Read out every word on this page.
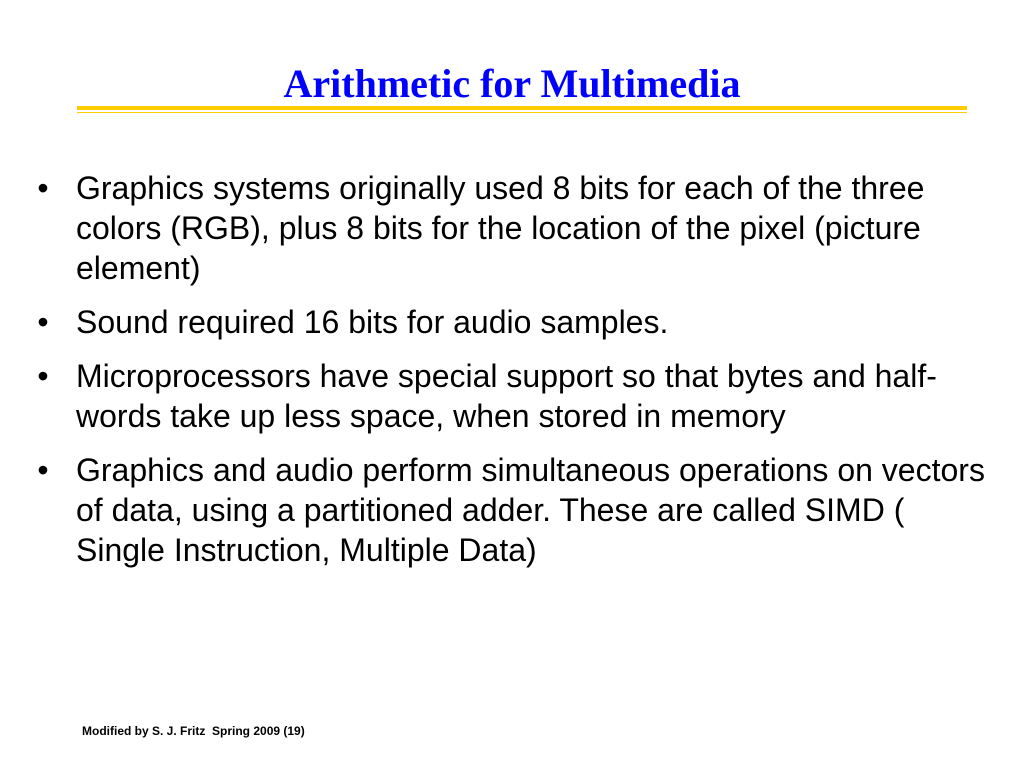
Arithmetic for Multimedia
• Graphics systems originally used 8 bits for each of the three colors (RGB), plus 8 bits for the location of the pixel (picture element)
• Sound required 16 bits for audio samples.
• Microprocessors have special support so that bytes and half-words take up less space, when stored in memory
• Graphics and audio perform simultaneous operations on vectors of data, using a partitioned adder. These are called SIMD ( Single Instruction, Multiple Data)
Modified by S. J. Fritz  Spring 2009 (19)
